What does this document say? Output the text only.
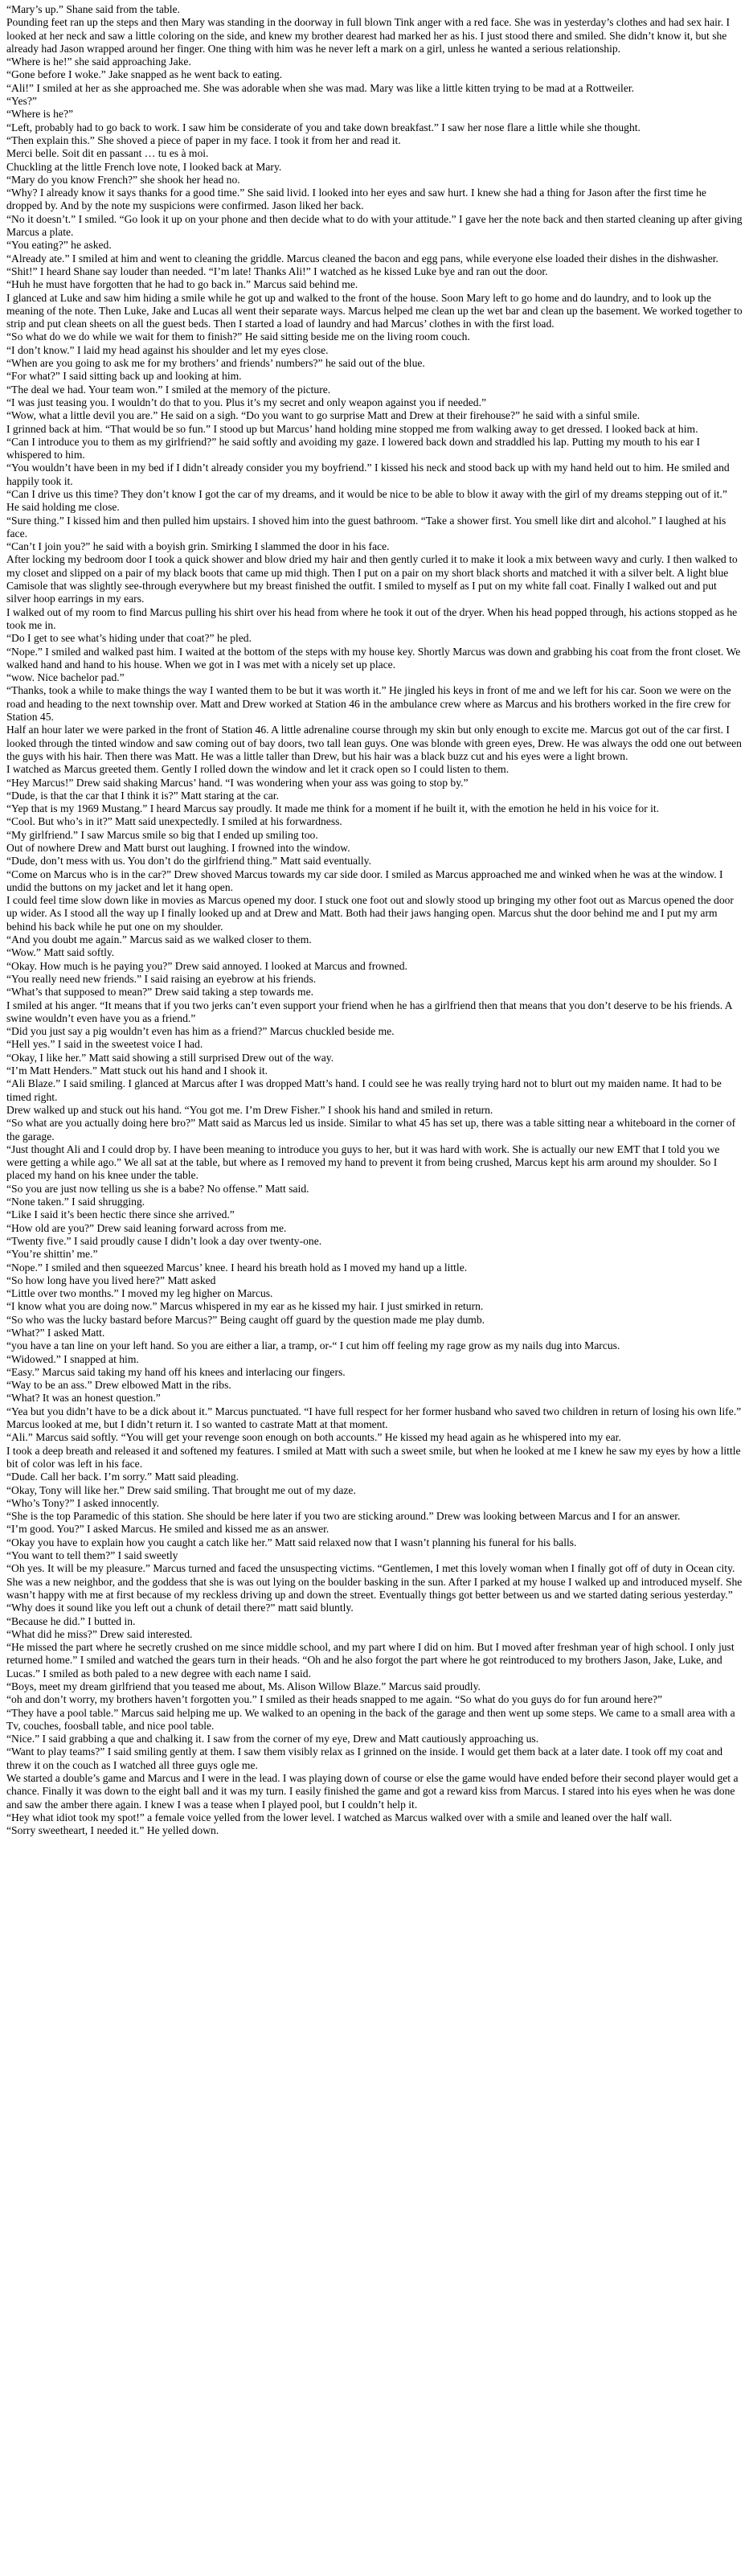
“Mary’s up.” Shane said from the table.

Pounding feet ran up the steps and then Mary was standing in the doorway in full blown Tink anger with a red face. She was in yesterday’s clothes and had sex hair. I looked at her neck and saw a little coloring on the side, and knew my brother dearest had marked her as his. I just stood there and smiled. She didn’t know it, but she already had Jason wrapped around her finger. One thing with him was he never left a mark on a girl, unless he wanted a serious relationship.

“Where is he!” she said approaching Jake.

“Gone before I woke.” Jake snapped as he went back to eating.

“Ali!” I smiled at her as she approached me. She was adorable when she was mad. Mary was like a little kitten trying to be mad at a Rottweiler.

“Yes?”

“Where is he?”

“Left, probably had to go back to work. I saw him be considerate of you and take down breakfast.” I saw her nose flare a little while she thought.

“Then explain this.” She shoved a piece of paper in my face. I took it from her and read it.

Merci belle. Soit dit en passant … tu es à moi.

Chuckling at the little French love note, I looked back at Mary.

“Mary do you know French?” she shook her head no.

“Why? I already know it says thanks for a good time.” She said livid. I looked into her eyes and saw hurt. I knew she had a thing for Jason after the first time he dropped by. And by the note my suspicions were confirmed. Jason liked her back.

“No it doesn’t.” I smiled. “Go look it up on your phone and then decide what to do with your attitude.” I gave her the note back and then started cleaning up after giving Marcus a plate.

“You eating?” he asked.

“Already ate.” I smiled at him and went to cleaning the griddle. Marcus cleaned the bacon and egg pans, while everyone else loaded their dishes in the dishwasher.

“Shit!” I heard Shane say louder than needed. “I’m late! Thanks Ali!” I watched as he kissed Luke bye and ran out the door.

“Huh he must have forgotten that he had to go back in.” Marcus said behind me.

I glanced at Luke and saw him hiding a smile while he got up and walked to the front of the house. Soon Mary left to go home and do laundry, and to look up the meaning of the note. Then Luke, Jake and Lucas all went their separate ways. Marcus helped me clean up the wet bar and clean up the basement. We worked together to strip and put clean sheets on all the guest beds. Then I started a load of laundry and had Marcus’ clothes in with the first load.

“So what do we do while we wait for them to finish?” He said sitting beside me on the living room couch.

“I don’t know.” I laid my head against his shoulder and let my eyes close.

“When are you going to ask me for my brothers’ and friends’ numbers?” he said out of the blue.

“For what?” I said sitting back up and looking at him.

“The deal we had. Your team won.” I smiled at the memory of the picture.

“I was just teasing you. I wouldn’t do that to you. Plus it’s my secret and only weapon against you if needed.”

“Wow, what a little devil you are.” He said on a sigh. “Do you want to go surprise Matt and Drew at their firehouse?” he said with a sinful smile.

I grinned back at him. “That would be so fun.” I stood up but Marcus’ hand holding mine stopped me from walking away to get dressed. I looked back at him.

“Can I introduce you to them as my girlfriend?” he said softly and avoiding my gaze. I lowered back down and straddled his lap. Putting my mouth to his ear I whispered to him.

“You wouldn’t have been in my bed if I didn’t already consider you my boyfriend.” I kissed his neck and stood back up with my hand held out to him. He smiled and happily took it.

“Can I drive us this time? They don’t know I got the car of my dreams, and it would be nice to be able to blow it away with the girl of my dreams stepping out of it.” He said holding me close.

“Sure thing.” I kissed him and then pulled him upstairs. I shoved him into the guest bathroom. “Take a shower first. You smell like dirt and alcohol.” I laughed at his face.

“Can’t I join you?” he said with a boyish grin. Smirking I slammed the door in his face.

After locking my bedroom door I took a quick shower and blow dried my hair and then gently curled it to make it look a mix between wavy and curly. I then walked to my closet and slipped on a pair of my black boots that came up mid thigh. Then I put on a pair on my short black shorts and matched it with a silver belt. A light blue Camisole that was slightly see-through everywhere but my breast finished the outfit. I smiled to myself as I put on my white fall coat. Finally I walked out and put silver hoop earrings in my ears.

I walked out of my room to find Marcus pulling his shirt over his head from where he took it out of the dryer. When his head popped through, his actions stopped as he took me in.

“Do I get to see what’s hiding under that coat?” he pled.

“Nope.” I smiled and walked past him. I waited at the bottom of the steps with my house key. Shortly Marcus was down and grabbing his coat from the front closet. We walked hand and hand to his house. When we got in I was met with a nicely set up place.

“wow. Nice bachelor pad.”

“Thanks, took a while to make things the way I wanted them to be but it was worth it.” He jingled his keys in front of me and we left for his car. Soon we were on the road and heading to the next township over. Matt and Drew worked at Station 46 in the ambulance crew where as Marcus and his brothers worked in the fire crew for Station 45.

Half an hour later we were parked in the front of Station 46. A little adrenaline course through my skin but only enough to excite me. Marcus got out of the car first. I looked through the tinted window and saw coming out of bay doors, two tall lean guys. One was blonde with green eyes, Drew. He was always the odd one out between the guys with his hair. Then there was Matt. He was a little taller than Drew, but his hair was a black buzz cut and his eyes were a light brown.

I watched as Marcus greeted them. Gently I rolled down the window and let it crack open so I could listen to them.

“Hey Marcus!” Drew said shaking Marcus’ hand. “I was wondering when your ass was going to stop by.”

“Dude, is that the car that I think it is?” Matt staring at the car.

“Yep that is my 1969 Mustang.” I heard Marcus say proudly. It made me think for a moment if he built it, with the emotion he held in his voice for it.

“Cool. But who’s in it?” Matt said unexpectedly. I smiled at his forwardness.

“My girlfriend.” I saw Marcus smile so big that I ended up smiling too.

Out of nowhere Drew and Matt burst out laughing. I frowned into the window.

“Dude, don’t mess with us. You don’t do the girlfriend thing.” Matt said eventually.

“Come on Marcus who is in the car?” Drew shoved Marcus towards my car side door. I smiled as Marcus approached me and winked when he was at the window. I undid the buttons on my jacket and let it hang open.

I could feel time slow down like in movies as Marcus opened my door. I stuck one foot out and slowly stood up bringing my other foot out as Marcus opened the door up wider. As I stood all the way up I finally looked up and at Drew and Matt. Both had their jaws hanging open. Marcus shut the door behind me and I put my arm behind his back while he put one on my shoulder.

“And you doubt me again.” Marcus said as we walked closer to them.

“Wow.” Matt said softly.

“Okay. How much is he paying you?” Drew said annoyed. I looked at Marcus and frowned.

“You really need new friends.” I said raising an eyebrow at his friends.

“What’s that supposed to mean?” Drew said taking a step towards me.

I smiled at his anger. “It means that if you two jerks can’t even support your friend when he has a girlfriend then that means that you don’t deserve to be his friends. A swine wouldn’t even have you as a friend.”

“Did you just say a pig wouldn’t even has him as a friend?” Marcus chuckled beside me.

“Hell yes.” I said in the sweetest voice I had.

“Okay, I like her.” Matt said showing a still surprised Drew out of the way.

“I’m Matt Henders.” Matt stuck out his hand and I shook it.

“Ali Blaze.” I said smiling. I glanced at Marcus after I was dropped Matt’s hand. I could see he was really trying hard not to blurt out my maiden name. It had to be timed right.

Drew walked up and stuck out his hand. “You got me. I’m Drew Fisher.” I shook his hand and smiled in return.

“So what are you actually doing here bro?” Matt said as Marcus led us inside. Similar to what 45 has set up, there was a table sitting near a whiteboard in the corner of the garage.

“Just thought Ali and I could drop by. I have been meaning to introduce you guys to her, but it was hard with work. She is actually our new EMT that I told you we were getting a while ago.” We all sat at the table, but where as I removed my hand to prevent it from being crushed, Marcus kept his arm around my shoulder. So I placed my hand on his knee under the table.

“So you are just now telling us she is a babe? No offense.” Matt said.

“None taken.” I said shrugging.

“Like I said it’s been hectic there since she arrived.”

“How old are you?” Drew said leaning forward across from me.

“Twenty five.” I said proudly cause I didn’t look a day over twenty-one.

“You’re shittin’ me.”

“Nope.” I smiled and then squeezed Marcus’ knee. I heard his breath hold as I moved my hand up a little.

“So how long have you lived here?” Matt asked

“Little over two months.” I moved my leg higher on Marcus.

“I know what you are doing now.” Marcus whispered in my ear as he kissed my hair. I just smirked in return.

“So who was the lucky bastard before Marcus?” Being caught off guard by the question made me play dumb.

“What?” I asked Matt.

“you have a tan line on your left hand. So you are either a liar, a tramp, or-“ I cut him off feeling my rage grow as my nails dug into Marcus.

“Widowed.” I snapped at him.

“Easy.” Marcus said taking my hand off his knees and interlacing our fingers.

“Way to be an ass.” Drew elbowed Matt in the ribs.

“What? It was an honest question.”

“Yea but you didn’t have to be a dick about it.” Marcus punctuated. “I have full respect for her former husband who saved two children in return of losing his own life.” Marcus looked at me, but I didn’t return it. I so wanted to castrate Matt at that moment.

“Ali.” Marcus said softly. “You will get your revenge soon enough on both accounts.” He kissed my head again as he whispered into my ear.

I took a deep breath and released it and softened my features. I smiled at Matt with such a sweet smile, but when he looked at me I knew he saw my eyes by how a little bit of color was left in his face.

“Dude. Call her back. I’m sorry.” Matt said pleading.

“Okay, Tony will like her.” Drew said smiling. That brought me out of my daze.

“Who’s Tony?” I asked innocently.

“She is the top Paramedic of this station. She should be here later if you two are sticking around.” Drew was looking between Marcus and I for an answer.

“I’m good. You?” I asked Marcus. He smiled and kissed me as an answer.

“Okay you have to explain how you caught a catch like her.” Matt said relaxed now that I wasn’t planning his funeral for his balls.

“You want to tell them?” I said sweetly

“Oh yes. It will be my pleasure.” Marcus turned and faced the unsuspecting victims. “Gentlemen, I met this lovely woman when I finally got off of duty in Ocean city. She was a new neighbor, and the goddess that she is was out lying on the boulder basking in the sun. After I parked at my house I walked up and introduced myself. She wasn’t happy with me at first because of my reckless driving up and down the street. Eventually things got better between us and we started dating serious yesterday.”

“Why does it sound like you left out a chunk of detail there?” matt said bluntly.

“Because he did.” I butted in.

“What did he miss?” Drew said interested.

“He missed the part where he secretly crushed on me since middle school, and my part where I did on him. But I moved after freshman year of high school. I only just returned home.” I smiled and watched the gears turn in their heads. “Oh and he also forgot the part where he got reintroduced to my brothers Jason, Jake, Luke, and Lucas.” I smiled as both paled to a new degree with each name I said.

“Boys, meet my dream girlfriend that you teased me about, Ms. Alison Willow Blaze.” Marcus said proudly.

“oh and don’t worry, my brothers haven’t forgotten you.” I smiled as their heads snapped to me again. “So what do you guys do for fun around here?”

“They have a pool table.” Marcus said helping me up. We walked to an opening in the back of the garage and then went up some steps. We came to a small area with a Tv, couches, foosball table, and nice pool table.

“Nice.” I said grabbing a que and chalking it. I saw from the corner of my eye, Drew and Matt cautiously approaching us.

“Want to play teams?” I said smiling gently at them. I saw them visibly relax as I grinned on the inside. I would get them back at a later date. I took off my coat and threw it on the couch as I watched all three guys ogle me.

We started a double’s game and Marcus and I were in the lead. I was playing down of course or else the game would have ended before their second player would get a chance. Finally it was down to the eight ball and it was my turn. I easily finished the game and got a reward kiss from Marcus. I stared into his eyes when he was done and saw the amber there again. I knew I was a tease when I played pool, but I couldn’t help it.

“Hey what idiot took my spot!” a female voice yelled from the lower level. I watched as Marcus walked over with a smile and leaned over the half wall.

“Sorry sweetheart, I needed it.” He yelled down.
